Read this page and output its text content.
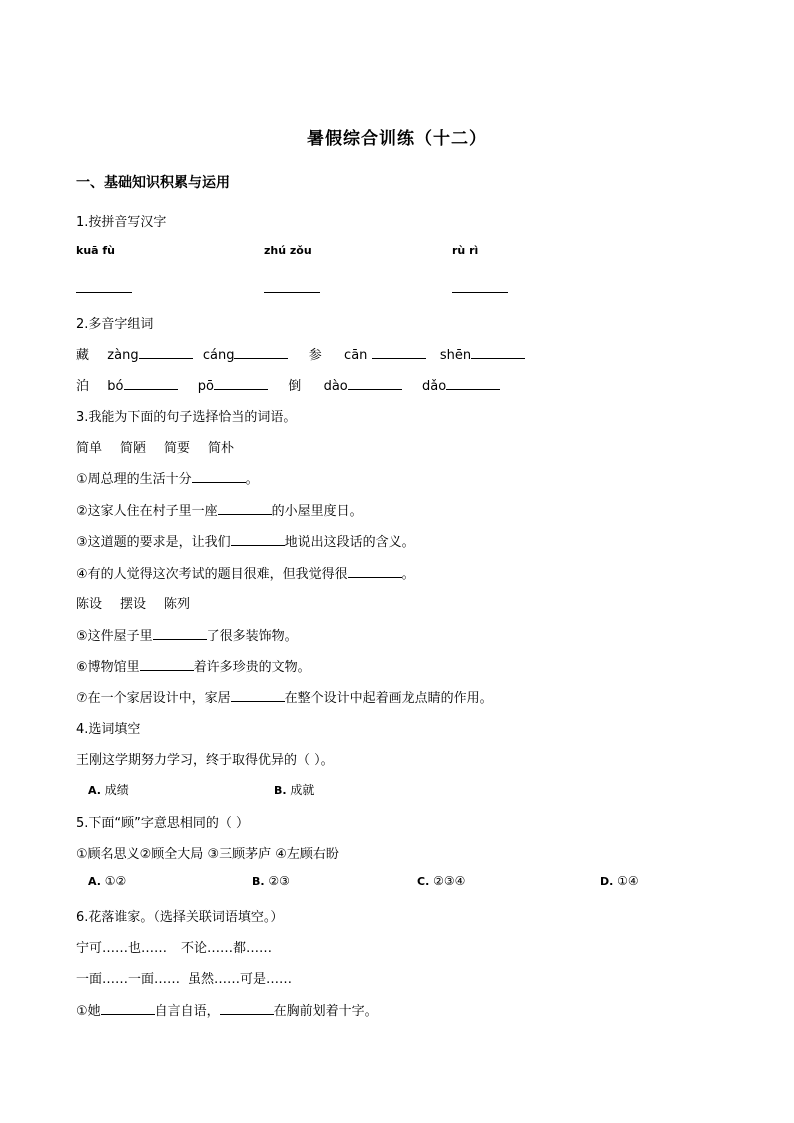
暑假综合训练（十二）
一、基础知识积累与运用
1.按拼音写汉字
kuā fù	zhú zǒu	rù rì
2.多音字组词
藏 zàng	cáng	参 cān	shēn
泊 bó	pō	倒 dào	dǎo
3.我能为下面的句子选择恰当的词语。
简单 简陋 简要 简朴
①周总理的生活十分	。
②这家人住在村子里一座	的小屋里度日。
③这道题的要求是，让我们	地说出这段话的含义。
④有的人觉得这次考试的题目很难，但我觉得很	。
陈设 摆设 陈列
⑤这件屋子里	了很多装饰物。
⑥博物馆里	着许多珍贵的文物。
⑦在一个家居设计中，家居	在整个设计中起着画龙点睛的作用。
4.选词填空
王刚这学期努力学习，终于取得优异的（ ）。
A. 成绩	B. 成就
5.下面“顾”字意思相同的（ ）
①顾名思义②顾全大局 ③三顾茅庐 ④左顾右盼
A. ①②	B. ②③	C. ②③④	D. ①④
6.花落谁家。（选择关联词语填空。）
宁可……也…… 不论……都……
一面……一面…… 虽然……可是……
①她	自言自语，	在胸前划着十字。
